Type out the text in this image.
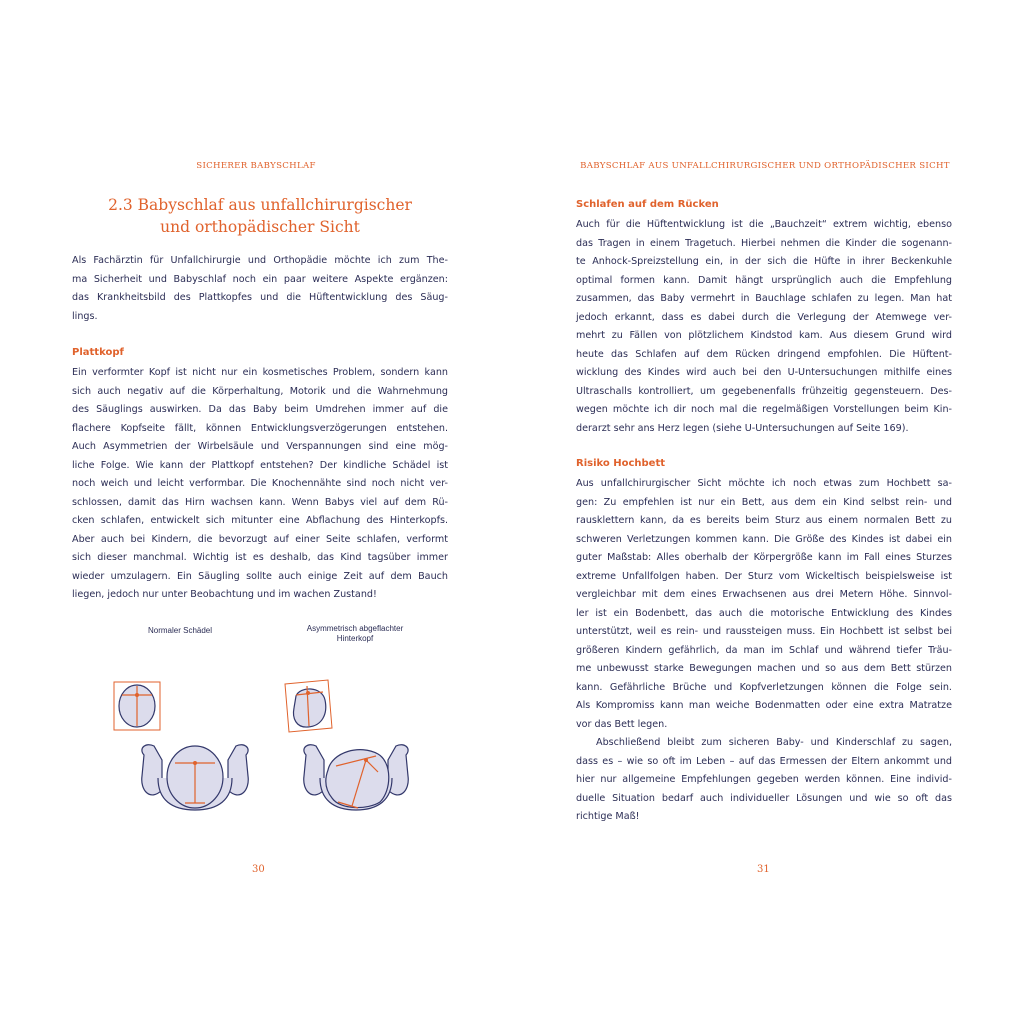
SICHERER BABYSCHLAF
2.3 Babyschlaf aus unfallchirurgischer
und orthopädischer Sicht
Als Fachärztin für Unfallchirurgie und Orthopädie möchte ich zum The-
ma Sicherheit und Babyschlaf noch ein paar weitere Aspekte ergänzen:
das Krankheitsbild des Plattkopfes und die Hüftentwicklung des Säug-
lings.
Plattkopf
Ein verformter Kopf ist nicht nur ein kosmetisches Problem, sondern kann
sich auch negativ auf die Körperhaltung, Motorik und die Wahrnehmung
des Säuglings auswirken. Da das Baby beim Umdrehen immer auf die
flachere Kopfseite fällt, können Entwicklungsverzögerungen entstehen.
Auch Asymmetrien der Wirbelsäule und Verspannungen sind eine mög-
liche Folge. Wie kann der Plattkopf entstehen? Der kindliche Schädel ist
noch weich und leicht verformbar. Die Knochennähte sind noch nicht ver-
schlossen, damit das Hirn wachsen kann. Wenn Babys viel auf dem Rü-
cken schlafen, entwickelt sich mitunter eine Abflachung des Hinterkopfs.
Aber auch bei Kindern, die bevorzugt auf einer Seite schlafen, verformt
sich dieser manchmal. Wichtig ist es deshalb, das Kind tagsüber immer
wieder umzulagern. Ein Säugling sollte auch einige Zeit auf dem Bauch
liegen, jedoch nur unter Beobachtung und im wachen Zustand!
Normaler Schädel	Asymmetrisch abgeflachter
Hinterkopf
30
BABYSCHLAF AUS UNFALLCHIRURGISCHER UND ORTHOPÄDISCHER SICHT
Schlafen auf dem Rücken
Auch für die Hüftentwicklung ist die „Bauchzeit“ extrem wichtig, ebenso
das Tragen in einem Tragetuch. Hierbei nehmen die Kinder die sogenann-
te Anhock-Spreizstellung ein, in der sich die Hüfte in ihrer Beckenkuhle
optimal formen kann. Damit hängt ursprünglich auch die Empfehlung
zusammen, das Baby vermehrt in Bauchlage schlafen zu legen. Man hat
jedoch erkannt, dass es dabei durch die Verlegung der Atemwege ver-
mehrt zu Fällen von plötzlichem Kindstod kam. Aus diesem Grund wird
heute das Schlafen auf dem Rücken dringend empfohlen. Die Hüftent-
wicklung des Kindes wird auch bei den U-Untersuchungen mithilfe eines
Ultraschalls kontrolliert, um gegebenenfalls frühzeitig gegensteuern. Des-
wegen möchte ich dir noch mal die regelmäßigen Vorstellungen beim Kin-
derarzt sehr ans Herz legen (siehe U-Untersuchungen auf Seite 169).
Risiko Hochbett
Aus unfallchirurgischer Sicht möchte ich noch etwas zum Hochbett sa-
gen: Zu empfehlen ist nur ein Bett, aus dem ein Kind selbst rein- und
rausklettern kann, da es bereits beim Sturz aus einem normalen Bett zu
schweren Verletzungen kommen kann. Die Größe des Kindes ist dabei ein
guter Maßstab: Alles oberhalb der Körpergröße kann im Fall eines Sturzes
extreme Unfallfolgen haben. Der Sturz vom Wickeltisch beispielsweise ist
vergleichbar mit dem eines Erwachsenen aus drei Metern Höhe. Sinnvol-
ler ist ein Bodenbett, das auch die motorische Entwicklung des Kindes
unterstützt, weil es rein- und raussteigen muss. Ein Hochbett ist selbst bei
größeren Kindern gefährlich, da man im Schlaf und während tiefer Träu-
me unbewusst starke Bewegungen machen und so aus dem Bett stürzen
kann. Gefährliche Brüche und Kopfverletzungen können die Folge sein.
Als Kompromiss kann man weiche Bodenmatten oder eine extra Matratze
vor das Bett legen.
Abschließend bleibt zum sicheren Baby- und Kinderschlaf zu sagen,
dass es – wie so oft im Leben – auf das Ermessen der Eltern ankommt und
hier nur allgemeine Empfehlungen gegeben werden können. Eine individ-
duelle Situation bedarf auch individueller Lösungen und wie so oft das
richtige Maß!
31
